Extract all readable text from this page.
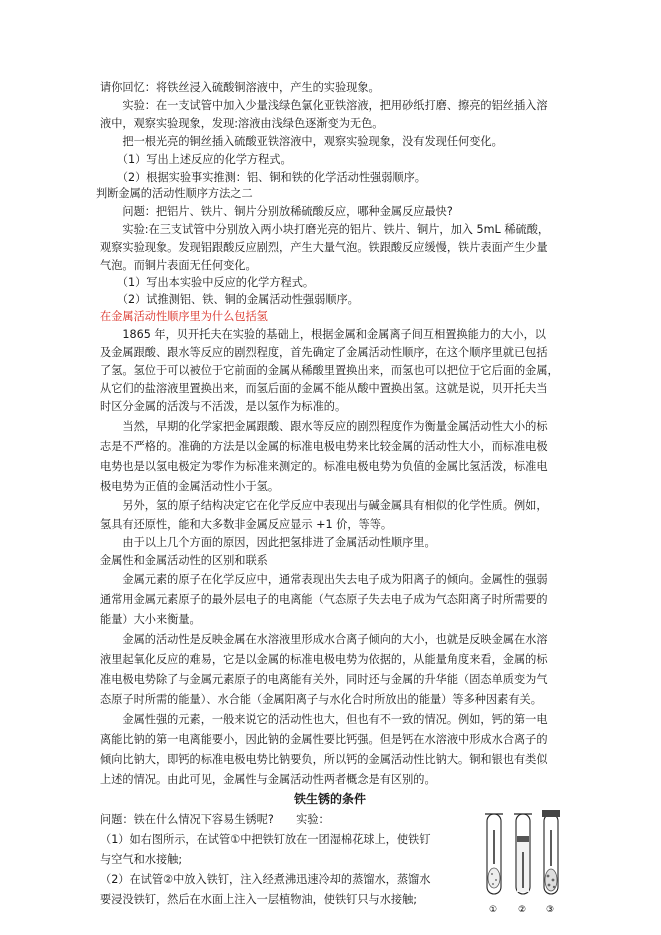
请你回忆：将铁丝浸入硫酸铜溶液中，产生的实验现象。
　　实验：在一支试管中加入少量浅绿色氯化亚铁溶液，把用砂纸打磨、擦亮的铝丝插入溶
液中，观察实验现象，发现:溶液由浅绿色逐渐变为无色。
　　把一根光亮的铜丝插入硫酸亚铁溶液中，观察实验现象，没有发现任何变化。
　　（1）写出上述反应的化学方程式。
　　（2）根据实验事实推测：铝、铜和铁的化学活动性强弱顺序。
判断金属的活动性顺序方法之二
　　问题：把铝片、铁片、铜片分别放稀硫酸反应，哪种金属反应最快?
　　实验:在三支试管中分别放入两小块打磨光亮的铝片、铁片、铜片，加入 5mL 稀硫酸，
观察实验现象。发现铝跟酸反应剧烈，产生大量气泡。铁跟酸反应缓慢，铁片表面产生少量
气泡。而铜片表面无任何变化。
　　（1）写出本实验中反应的化学方程式。
　　（2）试推测铝、铁、铜的金属活动性强弱顺序。
在金属活动性顺序里为什么包括氢
　　1865 年，贝开托夫在实验的基础上，根据金属和金属离子间互相置换能力的大小，以
及金属跟酸、跟水等反应的剧烈程度，首先确定了金属活动性顺序，在这个顺序里就已包括
了氢。氢位于可以被位于它前面的金属从稀酸里置换出来，而氢也可以把位于它后面的金属，
从它们的盐溶液里置换出来，而氢后面的金属不能从酸中置换出氢。这就是说，贝开托夫当
时区分金属的活泼与不活泼，是以氢作为标准的。
　　当然，早期的化学家把金属跟酸、跟水等反应的剧烈程度作为衡量金属活动性大小的标
志是不严格的。准确的方法是以金属的标准电极电势来比较金属的活动性大小，而标准电极
电势也是以氢电极定为零作为标准来测定的。标准电极电势为负值的金属比氢活泼，标准电
极电势为正值的金属活动性小于氢。
　　另外，氢的原子结构决定它在化学反应中表现出与碱金属具有相似的化学性质。例如，
氢具有还原性，能和大多数非金属反应显示 +1 价，等等。
　　由于以上几个方面的原因，因此把氢排进了金属活动性顺序里。
金属性和金属活动性的区别和联系
　　金属元素的原子在化学反应中，通常表现出失去电子成为阳离子的倾向。金属性的强弱
通常用金属元素原子的最外层电子的电离能（气态原子失去电子成为气态阳离子时所需要的
能量）大小来衡量。
　　金属的活动性是反映金属在水溶液里形成水合离子倾向的大小，也就是反映金属在水溶
液里起氧化反应的难易，它是以金属的标准电极电势为依据的，从能量角度来看，金属的标
准电极电势除了与金属元素原子的电离能有关外，同时还与金属的升华能（固态单质变为气
态原子时所需的能量）、水合能（金属阳离子与水化合时所放出的能量）等多种因素有关。
　　金属性强的元素，一般来说它的活动性也大，但也有不一致的情况。例如，钙的第一电
离能比钠的第一电离能要小，因此钠的金属性要比钙强。但是钙在水溶液中形成水合离子的
倾向比钠大，即钙的标准电极电势比钠要负，所以钙的金属活动性比钠大。铜和银也有类似
上述的情况。由此可见，金属性与金属活动性两者概念是有区别的。
铁生锈的条件
问题：铁在什么情况下容易生锈呢?　　实验：
（1）如右图所示，在试管①中把铁钉放在一团湿棉花球上，使铁钉
与空气和水接触;
（2）在试管②中放入铁钉，注入经煮沸迅速冷却的蒸馏水，蒸馏水
要浸没铁钉，然后在水面上注入一层植物油，使铁钉只与水接触;
① ② ③
